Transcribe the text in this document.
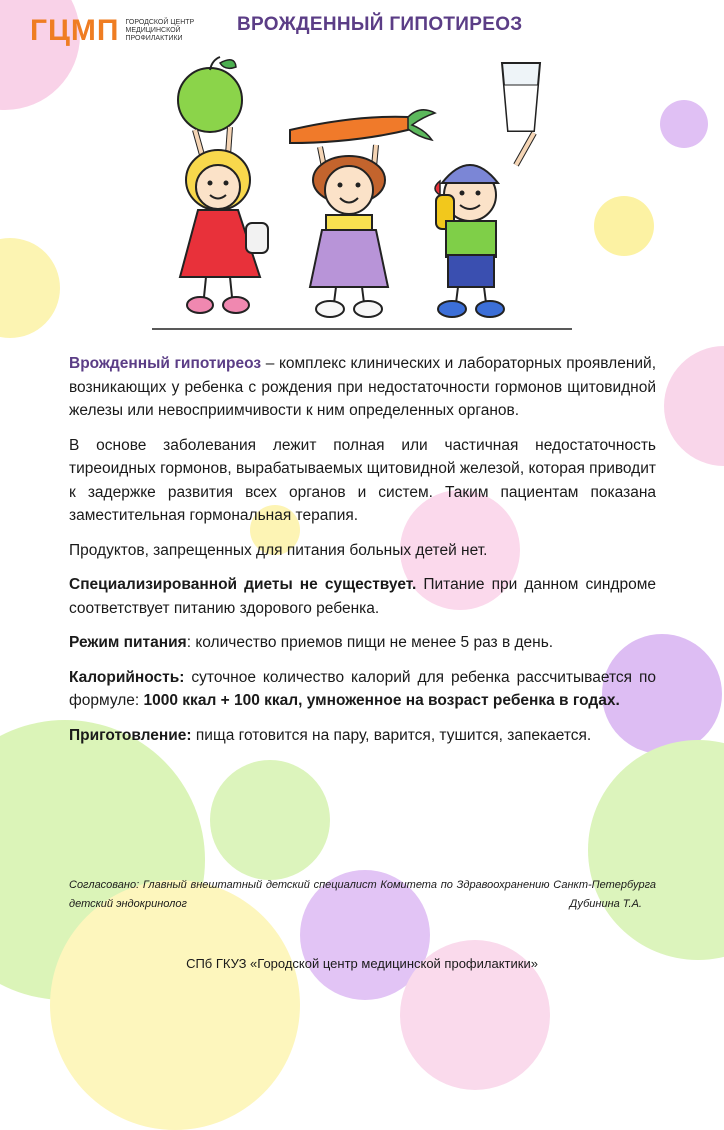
ГЦМП ГОРОДСКОЙ ЦЕНТР
МЕДИЦИНСКОЙ
ПРОФИЛАКТИКИ
ВРОЖДЕННЫЙ ГИПОТИРЕОЗ

Врожденный гипотиреоз – комплекс клинических и лабораторных проявлений, возникающих у ребенка с рождения при недостаточности гормонов щитовидной железы или невосприимчивости к ним определенных органов.

В основе заболевания лежит полная или частичная недостаточность тиреоидных гормонов, вырабатываемых щитовидной железой, которая приводит к задержке развития всех органов и систем. Таким пациентам показана заместительная гормональная терапия.

Продуктов, запрещенных для питания больных детей нет.

Специализированной диеты не существует. Питание при данном синдроме соответствует питанию здорового ребенка.

Режим питания: количество приемов пищи не менее 5 раз в день.

Калорийность: суточное количество калорий для ребенка рассчитывается по формуле: 1000 ккал + 100 ккал, умноженное на возраст ребенка в годах.

Приготовление: пища готовится на пару, варится, тушится, запекается.

Согласовано: Главный внештатный детский специалист Комитета по Здравоохранению Санкт-Петербурга детский эндокринолог	Дубинина Т.А.
СПб ГКУЗ «Городской центр медицинской профилактики»
